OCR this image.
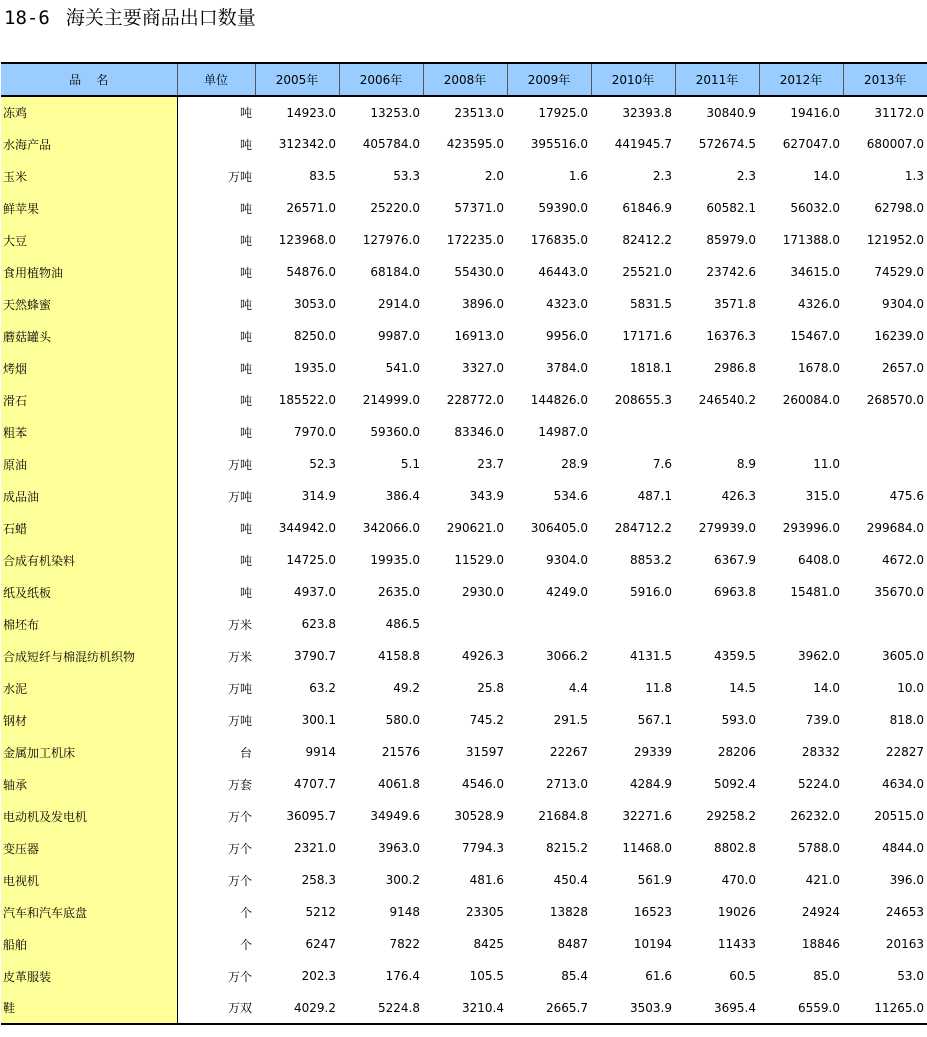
18-6 海关主要商品出口数量
品    名	单位	2005年	2006年	2008年	2009年	2010年	2011年	2012年	2013年
冻鸡	吨	14923.0	13253.0	23513.0	17925.0	32393.8	30840.9	19416.0	31172.0
水海产品	吨	312342.0	405784.0	423595.0	395516.0	441945.7	572674.5	627047.0	680007.0
玉米	万吨	83.5	53.3	2.0	1.6	2.3	2.3	14.0	1.3
鲜苹果	吨	26571.0	25220.0	57371.0	59390.0	61846.9	60582.1	56032.0	62798.0
大豆	吨	123968.0	127976.0	172235.0	176835.0	82412.2	85979.0	171388.0	121952.0
食用植物油	吨	54876.0	68184.0	55430.0	46443.0	25521.0	23742.6	34615.0	74529.0
天然蜂蜜	吨	3053.0	2914.0	3896.0	4323.0	5831.5	3571.8	4326.0	9304.0
蘑菇罐头	吨	8250.0	9987.0	16913.0	9956.0	17171.6	16376.3	15467.0	16239.0
烤烟	吨	1935.0	541.0	3327.0	3784.0	1818.1	2986.8	1678.0	2657.0
滑石	吨	185522.0	214999.0	228772.0	144826.0	208655.3	246540.2	260084.0	268570.0
粗苯	吨	7970.0	59360.0	83346.0	14987.0				
原油	万吨	52.3	5.1	23.7	28.9	7.6	8.9	11.0	
成品油	万吨	314.9	386.4	343.9	534.6	487.1	426.3	315.0	475.6
石蜡	吨	344942.0	342066.0	290621.0	306405.0	284712.2	279939.0	293996.0	299684.0
合成有机染料	吨	14725.0	19935.0	11529.0	9304.0	8853.2	6367.9	6408.0	4672.0
纸及纸板	吨	4937.0	2635.0	2930.0	4249.0	5916.0	6963.8	15481.0	35670.0
棉坯布	万米	623.8	486.5						
合成短纤与棉混纺机织物	万米	3790.7	4158.8	4926.3	3066.2	4131.5	4359.5	3962.0	3605.0
水泥	万吨	63.2	49.2	25.8	4.4	11.8	14.5	14.0	10.0
钢材	万吨	300.1	580.0	745.2	291.5	567.1	593.0	739.0	818.0
金属加工机床	台	9914	21576	31597	22267	29339	28206	28332	22827
轴承	万套	4707.7	4061.8	4546.0	2713.0	4284.9	5092.4	5224.0	4634.0
电动机及发电机	万个	36095.7	34949.6	30528.9	21684.8	32271.6	29258.2	26232.0	20515.0
变压器	万个	2321.0	3963.0	7794.3	8215.2	11468.0	8802.8	5788.0	4844.0
电视机	万个	258.3	300.2	481.6	450.4	561.9	470.0	421.0	396.0
汽车和汽车底盘	个	5212	9148	23305	13828	16523	19026	24924	24653
船舶	个	6247	7822	8425	8487	10194	11433	18846	20163
皮革服装	万个	202.3	176.4	105.5	85.4	61.6	60.5	85.0	53.0
鞋	万双	4029.2	5224.8	3210.4	2665.7	3503.9	3695.4	6559.0	11265.0
